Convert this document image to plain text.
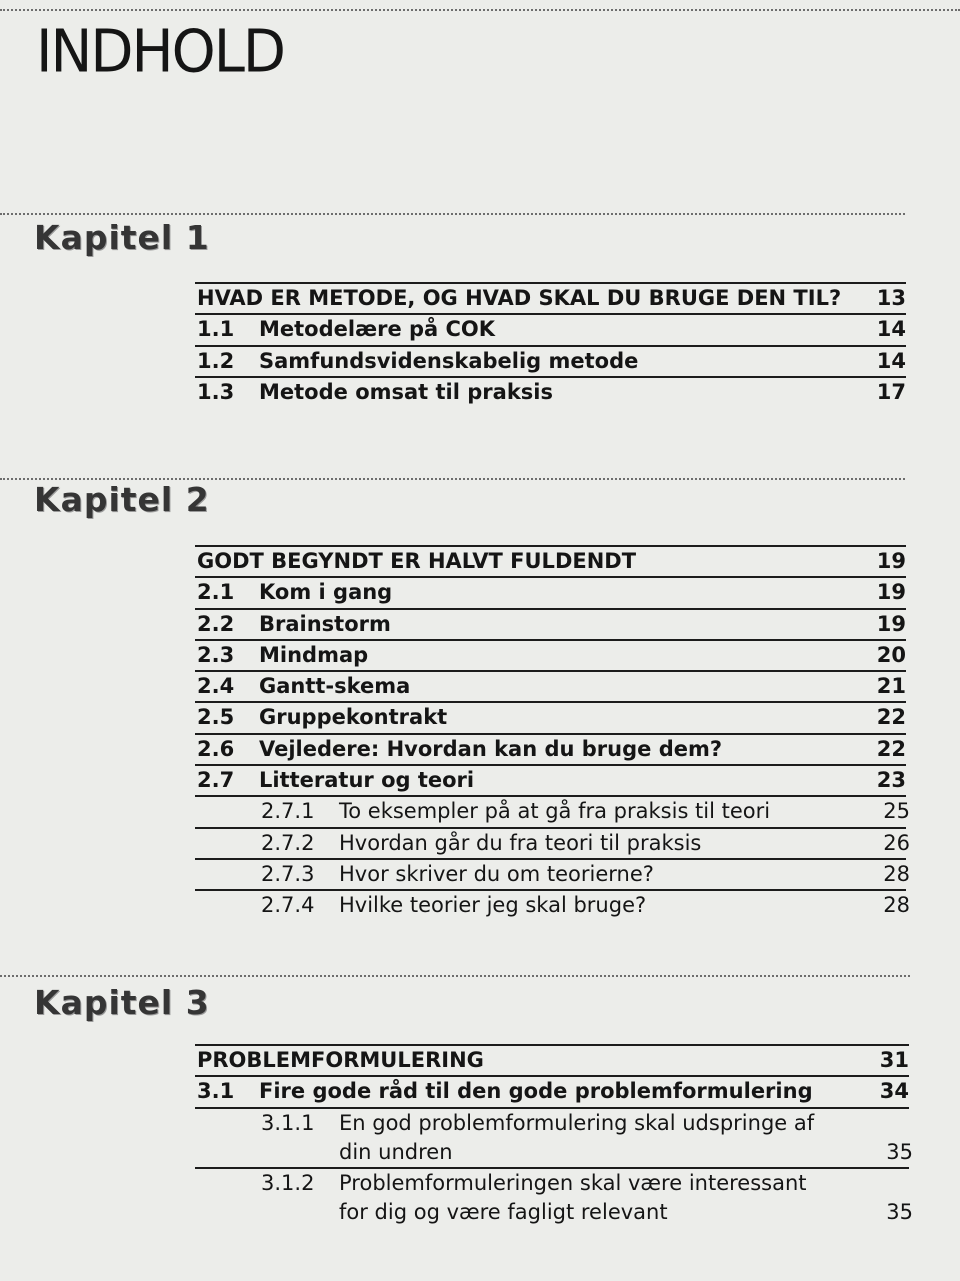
INDHOLD
Kapitel 1
HVAD ER METODE, OG HVAD SKAL DU BRUGE DEN TIL? 13
1.1 Metodelære på COK	14
1.2 Samfundsvidenskabelig metode	14
1.3 Metode omsat til praksis	17
Kapitel 2
GODT BEGYNDT ER HALVT FULDENDT	19
2.1 Kom i gang	19
2.2 Brainstorm	19
2.3 Mindmap	20
2.4 Gantt-skema	21
2.5 Gruppekontrakt	22
2.6 Vejledere: Hvordan kan du bruge dem?	22
2.7 Litteratur og teori	23
2.7.1 To eksempler på at gå fra praksis til teori	25
2.7.2 Hvordan går du fra teori til praksis	26
2.7.3 Hvor skriver du om teorierne?	28
2.7.4 Hvilke teorier jeg skal bruge?	28
Kapitel 3
PROBLEMFORMULERING	31
3.1 Fire gode råd til den gode problemformulering	34
3.1.1 En god problemformulering skal udspringe af din undren	35
3.1.2 Problemformuleringen skal være interessant for dig og være fagligt relevant	35
